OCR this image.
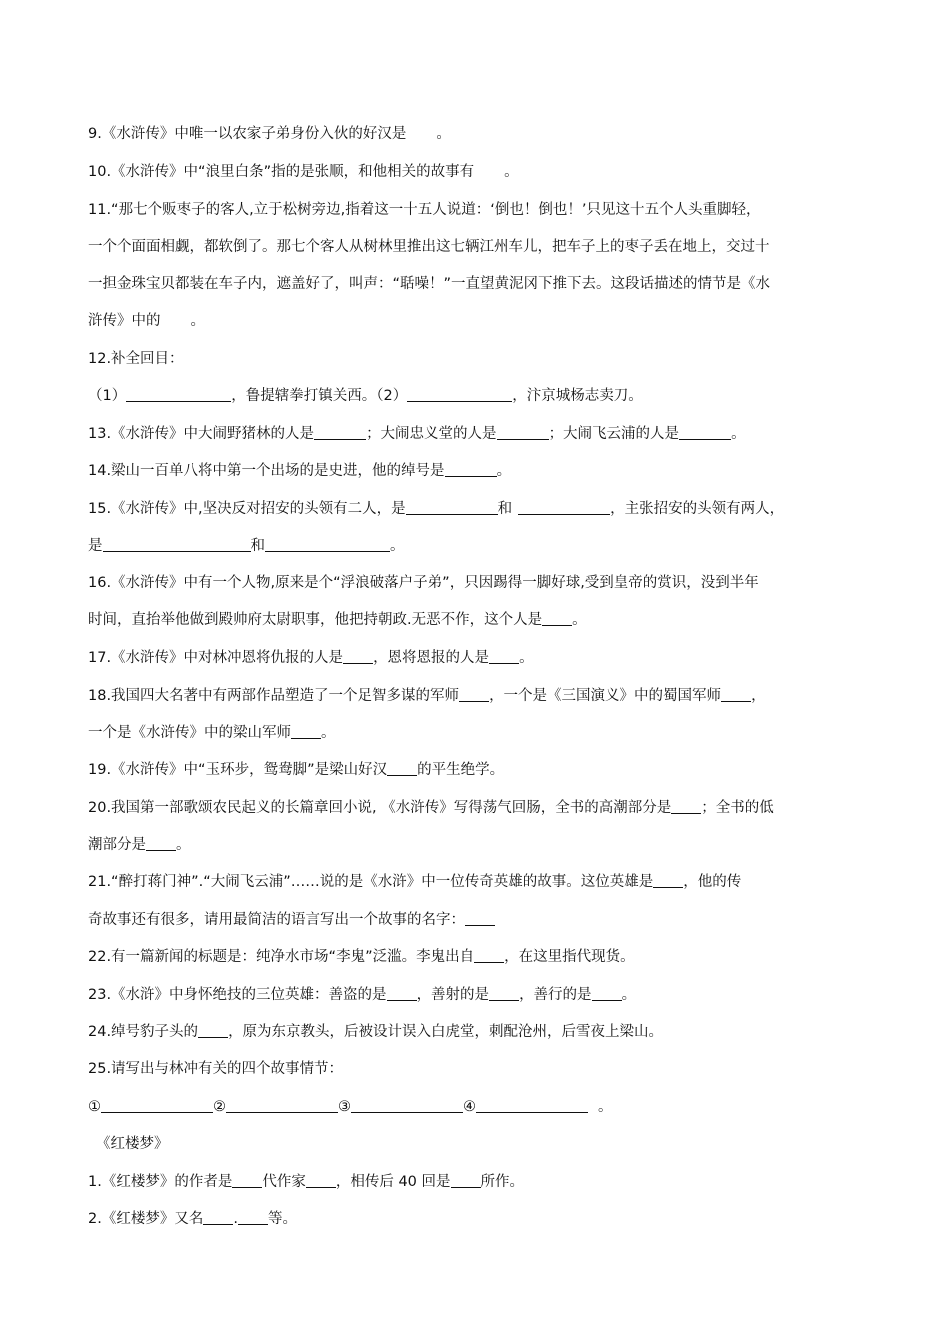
9.《水浒传》中唯一以农家子弟身份入伙的好汉是 。
10.《水浒传》中“浪里白条”指的是张顺，和他相关的故事有 。
11.“那七个贩枣子的客人,立于松树旁边,指着这一十五人说道：‘倒也！倒也！’只见这十五个人头重脚轻，
一个个面面相觑，都软倒了。那七个客人从树林里推出这七辆江州车儿，把车子上的枣子丢在地上，交过十
一担金珠宝贝都装在车子内，遮盖好了，叫声：“聒噪！”一直望黄泥冈下推下去。这段话描述的情节是《水
浒传》中的 。
12.补全回目：
（1）	，鲁提辖拳打镇关西。（2）	，汴京城杨志卖刀。
13.《水浒传》中大闹野猪林的人是	；大闹忠义堂的人是	；大闹飞云浦的人是	。
14.梁山一百单八将中第一个出场的是史进，他的绰号是	。
15.《水浒传》中,坚决反对招安的头领有二人，是	和	，主张招安的头领有两人，
是	和	。
16.《水浒传》中有一个人物,原来是个“浮浪破落户子弟”，只因踢得一脚好球,受到皇帝的赏识，没到半年
时间，直抬举他做到殿帅府太尉职事，他把持朝政.无恶不作，这个人是 。
17.《水浒传》中对林冲恩将仇报的人是 ，恩将恩报的人是 。
18.我国四大名著中有两部作品塑造了一个足智多谋的军师 ，一个是《三国演义》中的蜀国军师 ，
一个是《水浒传》中的梁山军师 。
19.《水浒传》中“玉环步，鸳鸯脚”是梁山好汉 的平生绝学。
20.我国第一部歌颂农民起义的长篇章回小说, 《水浒传》写得荡气回肠，全书的高潮部分是 ；全书的低
潮部分是 。
21.“醉打蒋门神”.“大闹飞云浦”……说的是《水浒》中一位传奇英雄的故事。这位英雄是 ，他的传
奇故事还有很多，请用最简洁的语言写出一个故事的名字：
22.有一篇新闻的标题是：纯净水市场“李鬼”泛滥。李鬼出自 ，在这里指代现货。
23.《水浒》中身怀绝技的三位英雄：善盗的是 ，善射的是 ，善行的是 。
24.绰号豹子头的 ，原为东京教头，后被设计误入白虎堂，刺配沧州，后雪夜上梁山。
25.请写出与林冲有关的四个故事情节：
①	②	③	④	。
《红楼梦》
1.《红楼梦》的作者是 代作家 ，相传后 40 回是 所作。
2.《红楼梦》又名 . 等。
